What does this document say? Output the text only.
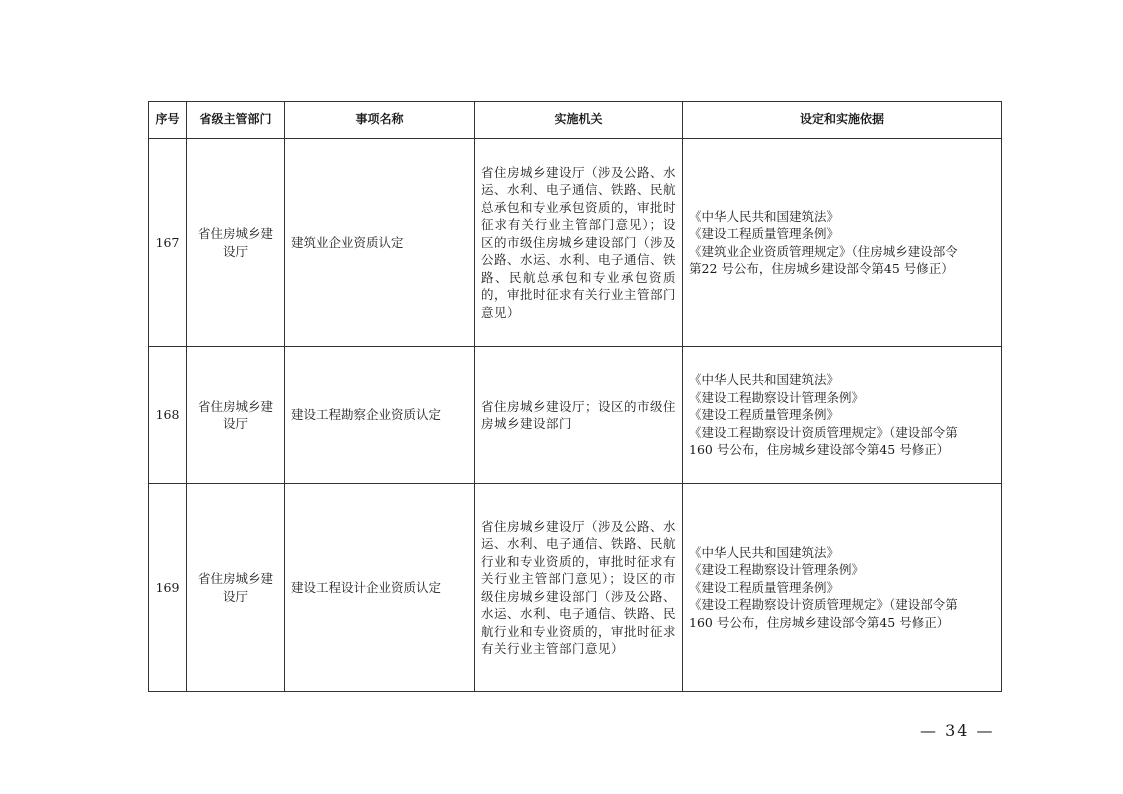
序号	省级主管部门	事项名称	实施机关	设定和实施依据
167	省住房城乡建设厅	建筑业企业资质认定	省住房城乡建设厅（涉及公路、水运、水利、电子通信、铁路、民航总承包和专业承包资质的，审批时征求有关行业主管部门意见）；设区的市级住房城乡建设部门（涉及公路、水运、水利、电子通信、铁路、民航总承包和专业承包资质的，审批时征求有关行业主管部门意见）	《中华人民共和国建筑法》
《建设工程质量管理条例》
《建筑业企业资质管理规定》（住房城乡建设部令
第22 号公布，住房城乡建设部令第45 号修正）

168	省住房城乡建设厅	建设工程勘察企业资质认定	省住房城乡建设厅；设区的市级住房城乡建设部门	《中华人民共和国建筑法》
《建设工程勘察设计管理条例》
《建设工程质量管理条例》
《建设工程勘察设计资质管理规定》（建设部令第
160 号公布，住房城乡建设部令第45 号修正）

169	省住房城乡建设厅	建设工程设计企业资质认定	省住房城乡建设厅（涉及公路、水运、水利、电子通信、铁路、民航行业和专业资质的，审批时征求有关行业主管部门意见）；设区的市级住房城乡建设部门（涉及公路、水运、水利、电子通信、铁路、民航行业和专业资质的，审批时征求有关行业主管部门意见）	《中华人民共和国建筑法》
《建设工程勘察设计管理条例》
《建设工程质量管理条例》
《建设工程勘察设计资质管理规定》（建设部令第
160 号公布，住房城乡建设部令第45 号修正）
— 34 —
